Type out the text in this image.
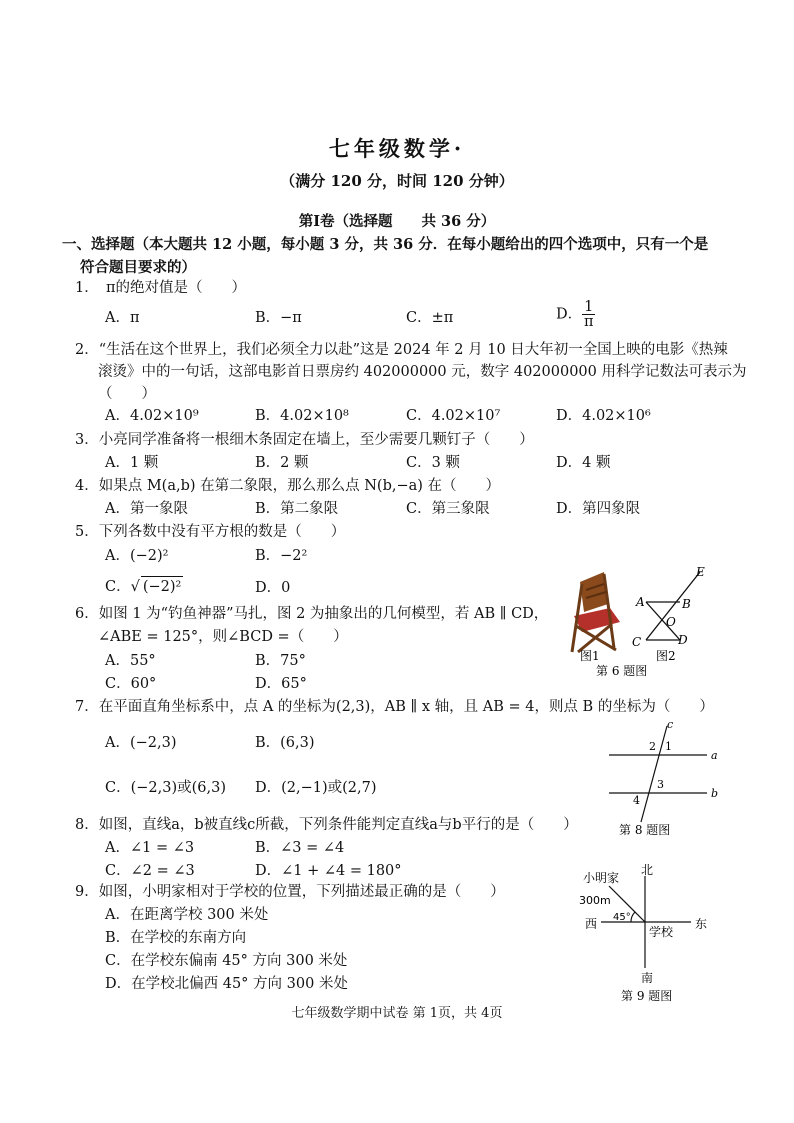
七年级数学·
（满分 120 分，时间 120 分钟）
第Ⅰ卷（选择题　　共 36 分）
一、选择题（本大题共 12 小题，每小题 3 分，共 36 分．在每小题给出的四个选项中，只有一个是
符合题目要求的）
1．　π的绝对值是（　　）
A．π	B．−π	C．±π	D． $\frac{1}{\pi}$
2．“生活在这个世界上，我们必须全力以赴”这是 2024 年 2 月 10 日大年初一全国上映的电影《热辣
滚烫》中的一句话，这部电影首日票房约 402000000 元，数字 402000000 用科学记数法可表示为
（　　）
A．4.02×10⁹	B．4.02×10⁸	C．4.02×10⁷	D．4.02×10⁶
3．小亮同学准备将一根细木条固定在墙上，至少需要几颗钉子（　　）
A．1 颗	B．2 颗	C．3 颗	D．4 颗
4．如果点 M(a,b) 在第二象限，那么那么点 N(b,−a) 在（　　）
A．第一象限	B．第二象限	C．第三象限	D．第四象限
5．下列各数中没有平方根的数是（　　）
A．(−2)²	B．−2²
C．√ (−2)²	D．0
6．如图 1 为“钓鱼神器”马扎，图 2 为抽象出的几何模型，若 AB ∥ CD，
∠ABE = 125°，则∠BCD =（　　）
A．55°	B．75°
C．60°	D．65°
A	B
C	D
E
O
图1	图2
第 6 题图
7．在平面直角坐标系中，点 A 的坐标为(2,3)，AB ∥ x 轴，且 AB = 4，则点 B 的坐标为（　　）
A．(−2,3)	B．(6,3)
C．(−2,3)或(6,3) D．(2,−1)或(2,7)
c
a
b
2 1
3
4
第 8 题图
8．如图，直线a，b被直线c所截，下列条件能判定直线a与b平行的是（　　）
A．∠1 = ∠3	B．∠3 = ∠4
C．∠2 = ∠3	D．∠1 + ∠4 = 180°
9．如图，小明家相对于学校的位置，下列描述最正确的是（　　）
A．在距离学校 300 米处
B．在学校的东南方向
C．在学校东偏南 45° 方向 300 米处
D．在学校北偏西 45° 方向 300 米处
小明家
北
300m
西 45°
学校
东
南
第 9 题图
七年级数学期中试卷 第 1页，共 4页
